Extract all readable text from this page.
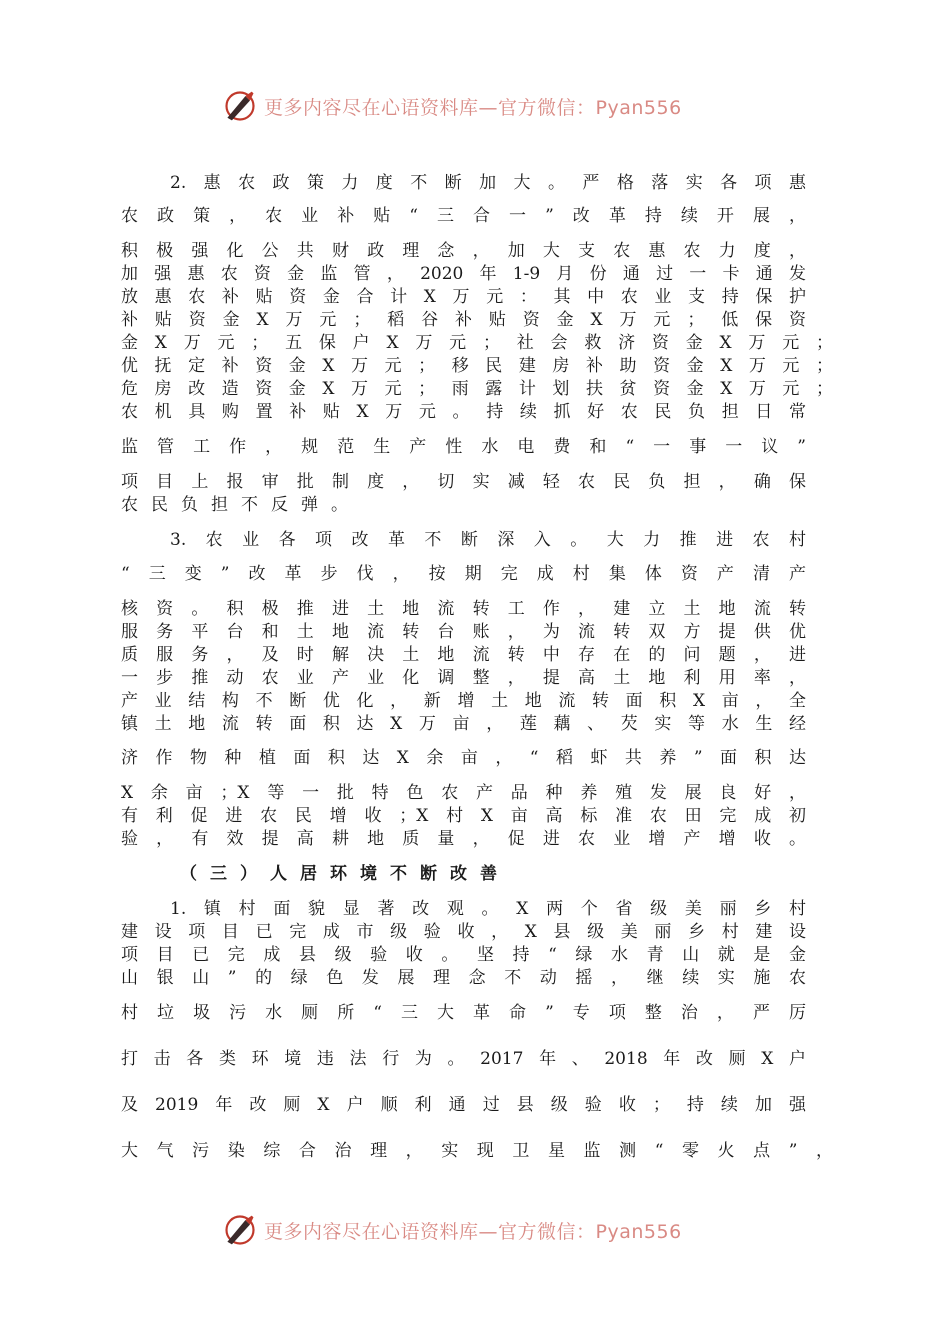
更多内容尽在心语资料库—官方微信：Pyan556
2.惠农政策力度不断加大。严格落实各项惠
农政策，农业补贴“三合一”改革持续开展，
积极强化公共财政理念，加大支农惠农力度，
加强惠农资金监管，2020年1-9月份通过一卡通发
放惠农补贴资金合计X万元：其中农业支持保护
补贴资金X万元；稻谷补贴资金X万元；低保资
金X万元；五保户X万元；社会救济资金X万元；
优抚定补资金X万元；移民建房补助资金X万元；
危房改造资金X万元；雨露计划扶贫资金X万元；
农机具购置补贴X万元。持续抓好农民负担日常
监管工作，规范生产性水电费和“一事一议”
项目上报审批制度，切实减轻农民负担，确保
农民负担不反弹。
3.农业各项改革不断深入。大力推进农村
“三变”改革步伐，按期完成村集体资产清产
核资。积极推进土地流转工作，建立土地流转
服务平台和土地流转台账，为流转双方提供优
质服务，及时解决土地流转中存在的问题，进
一步推动农业产业化调整，提高土地利用率，
产业结构不断优化，新增土地流转面积X亩，全
镇土地流转面积达X万亩，莲藕、芡实等水生经
济作物种植面积达X余亩，“稻虾共养”面积达
X余亩；X等一批特色农产品种养殖发展良好，
有利促进农民增收；X村X亩高标准农田完成初
验，有效提高耕地质量，促进农业增产增收。
（三）人居环境不断改善
1.镇村面貌显著改观。X两个省级美丽乡村
建设项目已完成市级验收，X县级美丽乡村建设
项目已完成县级验收。坚持“绿水青山就是金
山银山”的绿色发展理念不动摇，继续实施农
村垃圾污水厕所“三大革命”专项整治，严厉
打击各类环境违法行为。2017年、2018年改厕X户
及2019年改厕X户顺利通过县级验收；持续加强
大气污染综合治理，实现卫星监测“零火点”，
更多内容尽在心语资料库—官方微信：Pyan556
